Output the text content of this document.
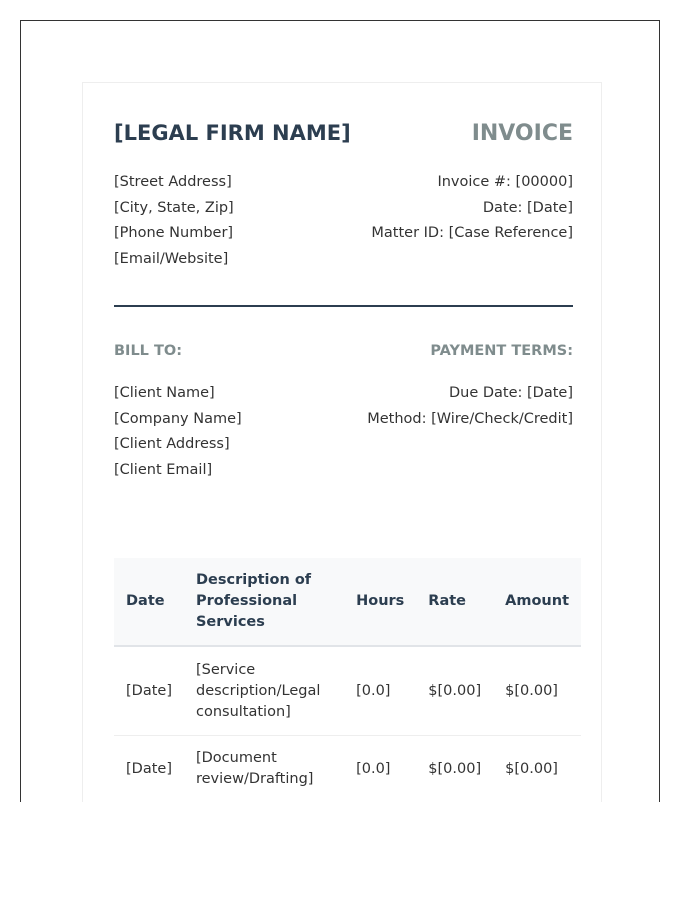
[LEGAL FIRM NAME]	INVOICE
[Street Address]
[City, State, Zip]
[Phone Number]
[Email/Website]
Invoice #: [00000]
Date: [Date]
Matter ID: [Case Reference]
BILL TO:	PAYMENT TERMS:
[Client Name]
[Company Name]
[Client Address]
[Client Email]
Due Date: [Date]
Method: [Wire/Check/Credit]
Date	Description of Professional Services	Hours	Rate	Amount
[Date]	[Service description/Legal consultation]	[0.0]	$[0.00]	$[0.00]
[Date]	[Document review/Drafting]	[0.0]	$[0.00]	$[0.00]
